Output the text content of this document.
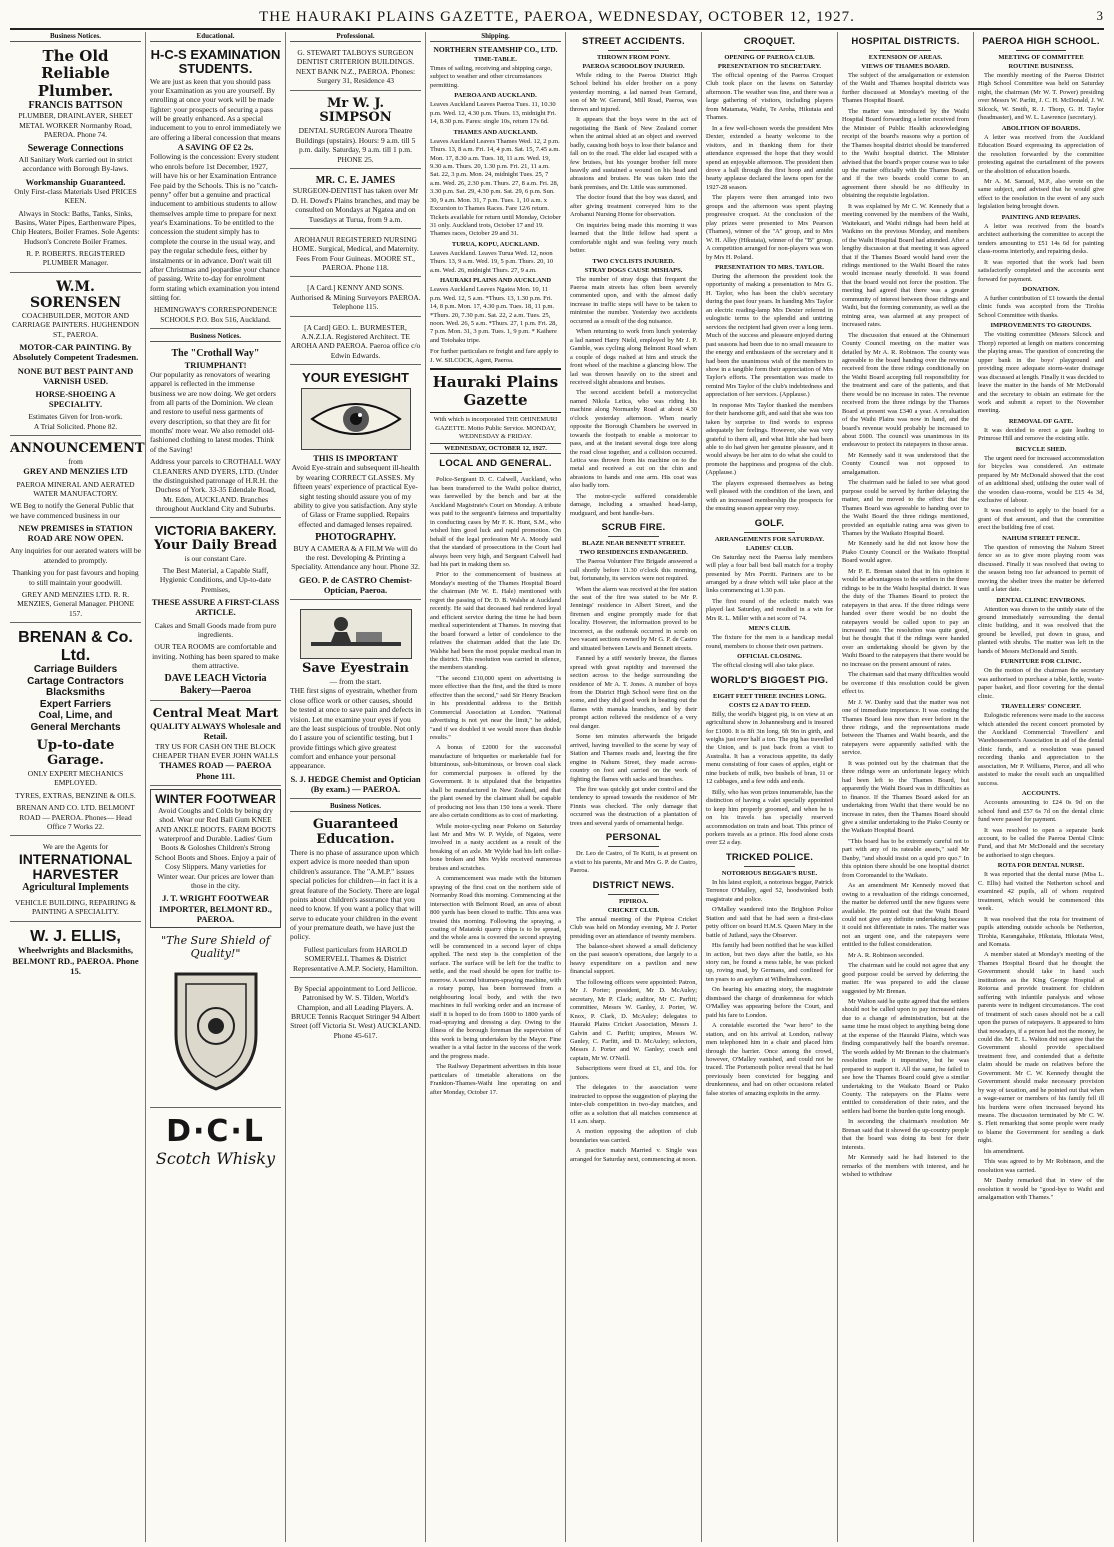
THE HAURAKI PLAINS GAZETTE, PAEROA, WEDNESDAY, OCTOBER 12, 1927.	3
Business Notices.
The Old Reliable Plumber.
FRANCIS BATTSON
PLUMBER, DRAINLAYER, SHEET METAL WORKER Normanby Road, PAEROA. Phone 74.
Sewerage Connections
All Sanitary Work carried out in strict accordance with Borough By-laws.
Workmanship Guaranteed.
Only First-class Materials Used PRICES KEEN.
Always in Stock: Baths, Tanks, Sinks, Basins, Water Pipes, Earthenware Pipes, Chip Heaters, Boiler Frames. Sole Agents: Hudson's Concrete Boiler Frames.
R. P. ROBERTS. REGISTERED PLUMBER Manager.
W.M. SORENSEN
COACHBUILDER, MOTOR AND CARRIAGE PAINTERS. HUGHENDON ST., PAEROA.
MOTOR-CAR PAINTING. By Absolutely Competent Tradesmen.
NONE BUT BEST PAINT AND VARNISH USED.
HORSE-SHOEING A SPECIALITY.
Estimates Given for Iron-work.
A Trial Solicited. Phone 82.
ANNOUNCEMENT
from
GREY AND MENZIES LTD
PAEROA MINERAL AND AERATED WATER MANUFACTORY.
WE Beg to notify the General Public that we have commenced business in our
NEW PREMISES in STATION ROAD ARE NOW OPEN.
Any inquiries for our aerated waters will be attended to promptly.
Thanking you for past favours and hoping to still maintain your goodwill.
GREY AND MENZIES LTD. R. R. MENZIES, General Manager. PHONE 157.
BRENAN & Co. Ltd.
Carriage Builders
Cartage Contractors
Blacksmiths
Expert Farriers
Coal, Lime, and
General Merchants
Up-to-date Garage.
ONLY EXPERT MECHANICS EMPLOYED.
TYRES, EXTRAS, BENZINE & OILS.
BRENAN AND CO. LTD. BELMONT ROAD — PAEROA. Phones— Head Office 7 Works 22.
We are the Agents for
INTERNATIONAL HARVESTER
Agricultural Implements
VEHICLE BUILDING, REPAIRING & PAINTING A SPECIALITY.
W. J. ELLIS,
Wheelwrights and Blacksmiths, BELMONT RD., PAEROA. Phone 15.
Educational.
H-C-S EXAMINATION STUDENTS.
We are just as keen that you should pass your Examination as you are yourself. By enrolling at once your work will be made lighter: your prospects of securing a pass will be greatly enhanced. As a special inducement to you to enrol immediately we are offering a liberal concession that means
A SAVING OF £2 2s.
Following is the concession: Every student who enrols before 1st December, 1927, will have his or her Examination Entrance Fee paid by the Schools. This is no "catch-penny" offer but a genuine and practical inducement to ambitious students to allow themselves ample time to prepare for next year's Examinations. To be entitled to the concession the student simply has to complete the course in the usual way, and pay the regular schedule fees, either by instalments or in advance. Don't wait till after Christmas and jeopardise your chance of passing. Write to-day for enrolment form stating which examination you intend sitting for.
HEMINGWAY'S CORRESPONDENCE SCHOOLS P.O. Box 516, Auckland.
Business Notices.
The "Crothall Way"
TRIUMPHANT!
Our popularity as renovators of wearing apparel is reflected in the immense business we are now doing. We get orders from all parts of the Dominion. We clean and restore to useful ness garments of every description, so that they are fit for months' more wear. We also remodel old-fashioned clothing to latest modes. Think of the Saving!
Address your parcels to CROTHALL WAY CLEANERS AND DYERS, LTD. (Under the distinguished patronage of H.R.H. the Duchess of York. 33-35 Edendale Road, Mt. Eden, AUCKLAND. Branches throughout Auckland City and Suburbs.
VICTORIA BAKERY.
Your Daily Bread
is our constant Care.
The Best Material, a Capable Staff, Hygienic Conditions, and Up-to-date Premises,
THESE ASSURE A FIRST-CLASS ARTICLE.
Cakes and Small Goods made from pure ingredients.
OUR TEA ROOMS are comfortable and inviting. Nothing has been spared to make them attractive.
DAVE LEACH Victoria Bakery—Paeroa
Central Meat Mart
QUALITY ALWAYS Wholesale and Retail.
TRY US FOR CASH ON THE BLOCK CHEAPER THAN EVER JOHN WALLS
THAMES ROAD — PAEROA Phone 111.
WINTER FOOTWEAR
Avoid Coughs and Colds by being dry shod. Wear our Red Ball Gum KNEE AND ANKLE BOOTS. FARM BOOTS waterproof and Durable. Ladies' Gum Boots & Goloshes Children's Strong School Boots and Shoes. Enjoy a pair of Cosy Slippers. Many varieties for Winter wear. Our prices are lower than those in the city.
J. T. WRIGHT FOOTWEAR IMPORTER, BELMONT RD., PAEROA.
"The Sure Shield of Quality!"
D·C·L
Scotch Whisky
Professional.
G. STEWART TALBOYS SURGEON DENTIST CRITERION BUILDINGS. NEXT BANK N.Z., PAEROA. Phones: Surgery 31, Residence 43
Mr W. J. SIMPSON
DENTAL SURGEON Aurora Theatre Buildings (upstairs). Hours: 9 a.m. till 5 p.m. daily. Saturday, 9 a.m. till 1 p.m. PHONE 25.
MR. C. E. JAMES
SURGEON-DENTIST has taken over Mr D. H. Dowd's Plains branches, and may be consulted on Mondays at Ngatea and on Tuesdays at Turua, from 9 a.m.
AROHANUI REGISTERED NURSING HOME. Surgical, Medical, and Maternity. Fees From Four Guineas. MOORE ST., PAEROA. Phone 118.
[A Card.] KENNY AND SONS. Authorised & Mining Surveyors PAEROA. Telephone 115.
[A Card] GEO. L. BURMESTER, A.N.Z.I.A. Registered Architect. TE AROHA AND PAEROA. Paeroa office c/o Edwin Edwards.
YOUR EYESIGHT
THIS IS IMPORTANT
Avoid Eye-strain and subsequent ill-health by wearing CORRECT GLASSES. My fifteen years' experience of practical Eye-sight testing should assure you of my ability to give you satisfaction. Any style of Glass or Frame supplied. Repairs effected and damaged lenses repaired.
PHOTOGRAPHY.
BUY A CAMERA & A FILM We will do the rest. Developing & Printing a Speciality. Attendance any hour. Phone 32.
GEO. P. de CASTRO Chemist-Optician, Paeroa.
Save Eyestrain
— from the start.
THE first signs of eyestrain, whether from close office work or other causes, should be tested at once to save pain and defects in vision. Let me examine your eyes if you are the least suspicious of trouble. Not only do I assure you of scientific testing, but I provide fittings which give greatest comfort and enhance your personal appearance.
S. J. HEDGE Chemist and Optician (By exam.) — PAEROA.
Business Notices.
Guaranteed Education.
There is no phase of assurance upon which expert advice is more needed than upon children's assurance. The "A.M.P." issues special policies for children—in fact it is a great feature of the Society. There are legal points about children's assurance that you need to know. If you want a policy that will serve to educate your children in the event of your premature death, we have just the policy.
Fullest particulars from HAROLD SOMERVELL Thames & District Representative A.M.P. Society, Hamilton.
By Special appointment to Lord Jellicoe. Patronised by W. S. Tilden, World's Champion, and all Leading Players. A. BRUCE Tennis Racquet Stringer 94 Albert Street (off Victoria St. West) AUCKLAND. Phone 45-617.
Shipping.
NORTHERN STEAMSHIP CO., LTD.
TIME-TABLE.
Times of sailing, receiving and shipping cargo, subject to weather and other circumstances permitting.
PAEROA AND AUCKLAND.
Leaves Auckland Leaves Paeroa Tues. 11, 10.30 p.m. Wed. 12, 4.30 p.m. Thurs. 13, midnight Fri. 14, 8.30 p.m. Fares: single 10s, return 17s 6d.
THAMES AND AUCKLAND.
Leaves Auckland Leaves Thames Wed. 12, 2 p.m. Thurs. 13, 8 a.m. Fri. 14, 4 p.m. Sat. 15, 7.45 a.m. Mon. 17, 8.30 a.m. Tues. 18, 11 a.m. Wed. 19, 9.30 a.m. Thurs. 20, 1.30 p.m. Fri. 21, 11 a.m. Sat. 22, 3 p.m. Mon. 24, midnight Tues. 25, 7 a.m. Wed. 26, 2.30 p.m. Thurs. 27, 8 a.m. Fri. 28, 3.30 p.m. Sat. 29, 4.30 p.m. Sat. 29, 6 p.m. Sun. 30, 9 a.m. Mon. 31, 7 p.m. Tues. 1, 10 a.m. x Excursion to Thames Races. Fare 12/6 return. Tickets available for return until Monday, October 31 only. Auckland trots, October 17 and 19. Thames races, October 29 and 31.
TURUA, KOPU, AUCKLAND.
Leaves Auckland. Leaves Turua Wed. 12, noon Thurs. 13, 9 a.m. Wed. 19, 5 p.m. Thurs. 20, 10 a.m. Wed. 26, midnight Thurs. 27, 9 a.m.
HAURAKI PLAINS AND AUCKLAND
Leaves Auckland Leaves Ngatea Mon. 10, 11 p.m. Wed. 12, 5 a.m. *Thurs. 13, 1.30 p.m. Fri. 14, 8 p.m. Mon. 17, 4.30 p.m. Tues. 18, 11 p.m. *Thurs. 20, 7.30 p.m. Sat. 22, 2 a.m. Tues. 25, noon. Wed. 26, 5 a.m. *Thurs. 27, 1 p.m. Fri. 28, 7 p.m. Mon. 31, 3 p.m. Tues. 1, 9 p.m. * Kaihere and Totohaku tripe.
For further particulars re freight and fare apply to J. W. SILCOCK, Agent, Paeroa.
Hauraki Plains Gazette
With which is incorporated THE OHINEMURI GAZETTE. Motto Public Service. MONDAY, WEDNESDAY & FRIDAY.
WEDNESDAY, OCTOBER 12, 1927.
LOCAL AND GENERAL.

Police-Sergeant D. C. Calwell, Auckland, who has been transferred to the Waihi police district, was farewelled by the bench and bar at the Auckland Magistrate's Court on Monday. A tribute was paid to the sergeant's fairness and impartiality in conducting cases by Mr F. K. Hunt, S.M., who wished him good luck and rapid promotion. On behalf of the legal profession Mr A. Moody said that the standard of prosecutions in the Court had always been very high, and Sergeant Calwell had had his part in making them so.

Prior to the commencement of business at Monday's meeting of the Thames Hospital Board the chairman (Mr W. E. Hale) mentioned with regret the passing of Dr. D. B. Walshe at Auckland recently. He said that deceased had rendered loyal and efficient service during the time he had been medical superintendent at Thames. In moving that the board forward a letter of condolence to the relatives the chairman added that the late Dr. Walshe had been the most popular medical man in the district. This resolution was carried in silence, the members standing.

"The second £10,000 spent on advertising is more effective than the first, and the third is more effective than the second," said Sir Henry Bracken in his presidential address to the British Commercial Association at London. "National advertising is not yet near the limit," he added, "and if we doubled it we would more than double results."

A bonus of £2000 for the successful manufacture of briquettes or marketable fuel for bituminous, sub-bituminous, or brown coal slack for commercial purposes is offered by the Government. It is stipulated that the briquettes shall be manufactured in New Zealand, and that the plant owned by the claimant shall be capable of producing not less than 150 tons a week. There are also certain conditions as to cost of marketing.

While motor-cycling near Pokeno on Saturday last Mr and Mrs W. P. Wylde, of Ngatea, were involved in a nasty accident as a result of the breaking of an axle. Mr Wylde had his left collar-bone broken and Mrs Wylde received numerous bruises and scratches.

A commencement was made with the bitumen spraying of the first coat on the northern side of Normanby Road this morning. Commencing at the intersection with Belmont Road, an area of about 800 yards has been closed to traffic. This area was treated this morning. Following the spraying, a coating of Matatoki quarry chips is to be spread, and the whole area is covered the second spraying will be commenced in a second layer of chips applied. The next step is the completion of the surface. The surface will be left for the traffic to settle, and the road should be open for traffic to-morrow. A second bitumen-spraying machine, with a rotary pump, has been borrowed from a neighbouring local body, and with the two machines in full working order and an increase of staff it is hoped to do from 1600 to 1800 yards of road-spraying and dressing a day. Owing to the illness of the borough foreman the supervision of this work is being undertaken by the Mayor. Fine weather is a vital factor in the success of the work and the progress made.

The Railway Department advertises in this issue particulars of timetable alterations on the Frankton-Thames-Waihi line operating on and after Monday, October 17.

STREET ACCIDENTS.
THROWN FROM PONY.
PAEROA SCHOOLBOY INJURED.

While riding to the Paeroa District High School behind his elder brother on a pony yesterday morning, a lad named Ivan Gerrand, son of Mr W. Gerrand, Mill Road, Paeroa, was thrown and injured.

It appears that the boys were in the act of negotiating the Bank of New Zealand corner when the animal shied at an object and swerved badly, causing both boys to lose their balance and fall on to the road. The elder lad escaped with a few bruises, but his younger brother fell more heavily and sustained a wound on his head and abrasions and bruises. He was taken into the bank premises, and Dr. Little was summoned.

The doctor found that the boy was dazed, and after giving treatment conveyed him to the Arohanui Nursing Home for observation.

On inquiries being made this morning it was learned that the little fellow had spent a comfortable night and was feeling very much better.

TWO CYCLISTS INJURED.
STRAY DOGS CAUSE MISHAPS.

The number of stray dogs that frequent the Paeroa main streets has often been severely commented upon, and with the almost daily increase in traffic steps will have to be taken to minimise the number. Yesterday two accidents occurred as a result of the dog nuisance.

When returning to work from lunch yesterday a lad named Harry Nield, employed by Mr J. P. Gamble, was cycling along Belmont Road when a couple of dogs rushed at him and struck the front wheel of the machine a glancing blow. The lad was thrown heavily on to the street and received slight abrasions and bruises.

The second accident befell a motorcyclist named Nikola Letica, who was riding his machine along Normanby Road at about 4.30 o'clock yesterday afternoon. When nearly opposite the Borough Chambers he swerved in towards the footpath to enable a motorcar to pass, and at the instant several dogs tore along the road close together, and a collision occurred. Letica was thrown from his machine on to the metal and received a cut on the chin and abrasions to hands and one arm. His coat was also badly torn.

The motor-cycle suffered considerable damage, including a smashed head-lamp, mudguard, and bent handle-bars.

SCRUB FIRE.
BLAZE NEAR BENNETT STREET.
TWO RESIDENCES ENDANGERED.

The Paeroa Volunteer Fire Brigade answered a call shortly before 11.30 o'clock this morning, but, fortunately, its services were not required.

When the alarm was received at the fire station the seat of the fire was stated to be Mr P. Jennings' residence in Albert Street, and the firemen and engine promptly made for that locality. However, the information proved to be incorrect, as the outbreak occurred in scrub on two vacant sections owned by Mr G. P. de Castro and situated between Lewis and Bennett streets.

Fanned by a stiff westerly breeze, the flames spread with great rapidity and traversed the section across to the hedge surrounding the residence of Mr A. T. Jones. A number of boys from the District High School were first on the scene, and they did good work in beating out the flames with manuka branches, and by their prompt action relieved the residence of a very real danger.

Some ten minutes afterwards the brigade arrived, having travelled to the scene by way of Station and Thames roads and, leaving the fire engine in Nahum Street, they made across-country on foot and carried on the work of fighting the flames with sacks and branches.

The fire was quickly got under control and the tendency to spread towards the residence of Mr Finnis was checked. The only damage that occurred was the destruction of a plantation of trees and several yards of ornamental hedge.

PERSONAL

Dr. Leo de Castro, of Te Kuiti, is at present on a visit to his parents, Mr and Mrs G. P. de Castro, Paeroa.

DISTRICT NEWS.
PIPIROA.
CRICKET CLUB.

The annual meeting of the Pipiroa Cricket Club was held on Monday evening, Mr J. Porter presiding over an attendance of twenty members.

The balance-sheet showed a small deficiency on the past season's operations, due largely to a heavy expenditure on a pavilion and new financial support.

The following officers were appointed: Patron, Mr J. Porter; president, Mr D. McAuley; secretary, Mr P. Clark; auditor, Mr C. Parfitt; committee, Messrs W. Ganley, J. Porter, W. Knox, P. Clark, D. McAuley; delegates to Hauraki Plains Cricket Association, Messrs J. Galvin and C. Parfitt; umpires, Messrs W. Ganley, C. Parfitt, and D. McAuley; selectors, Messrs J. Porter and W. Ganley; coach and captain, Mr W. O'Neill.

Subscriptions were fixed at £1, and 10s. for juniors.

The delegates to the association were instructed to oppose the suggestion of playing the inter-club competition in two-day matches, and offer as a solution that all matches commence at 11 a.m. sharp.

A motion opposing the adoption of club boundaries was carried.

A practice match Married v. Single was arranged for Saturday next, commencing at noon.

CROQUET.
OPENING OF PAEROA CLUB.
PRESENTATION TO SECRETARY.

The official opening of the Paeroa Croquet Club took place on the lawns on Saturday afternoon. The weather was fine, and there was a large gathering of visitors, including players from Matamata, Waihi, Te Aroha, Hikutaia and Thames.

In a few well-chosen words the president Mrs Dexter, extended a hearty welcome to the visitors, and in thanking them for their attendance expressed the hope that they would spend an enjoyable afternoon. The president then drove a ball through the first hoop and amidst hearty applause declared the lawns open for the 1927-28 season.

The players were then arranged into two groups and the afternoon was spent playing progressive croquet. At the conclusion of the play prizes were presented to Mrs Pearson (Thames), winner of the "A" group, and to Mrs W. H. Alley (Hikutaia), winner of the "B" group. A competition arranged for non-players was won by Mrs H. Poland.

PRESENTATION TO MRS. TAYLOR.

During the afternoon the president took the opportunity of making a presentation to Mrs G. H. Taylor, who has been the club's secretary during the past four years. In handing Mrs Taylor an electric reading-lamp Mrs Dexter referred in eulogistic terms to the splendid and untiring services the recipient had given over a long term. Much of the success and pleasure enjoyed during past seasons had been due to no small measure to the energy and enthusiasm of the secretary and it had been the unanimous wish of the members to show in a tangible form their appreciation of Mrs Taylor's efforts. The presentation was made to remind Mrs Taylor of the club's indebtedness and appreciation of her services. (Applause.)

In response Mrs Taylor thanked the members for their handsome gift, and said that she was too taken by surprise to find words to express adequately her feelings. However, she was very grateful to them all, and what little she had been able to do had given her genuine pleasure, and it would always be her aim to do what she could to promote the happiness and progress of the club. (Applause.)

The players expressed themselves as being well pleased with the condition of the lawn, and with an increased membership the prospects for the ensuing season appear very rosy.

GOLF.
ARRANGEMENTS FOR SATURDAY.
LADIES' CLUB.

On Saturday next the Paeroa lady members will play a four ball best ball match for a trophy presented by Mrs Porritt. Partners are to be arranged by a draw which will take place at the links commencing at 1.30 p.m.

The first round of the eclectic match was played last Saturday, and resulted in a win for Mrs R. L. Miller with a net score of 74.

MEN'S CLUB.

The fixture for the men is a handicap medal round, members to choose their own partners.

OFFICIAL CLOSING.

The official closing will also take place.

WORLD'S BIGGEST PIG.
EIGHT FEET THREE INCHES LONG.
COSTS £2 A DAY TO FEED.

Billy, the world's biggest pig, is on view at an agricultural show in Johannesburg and is insured for £1000. It is 8ft 3in long, 6ft 9in in girth, and weighs just over half a ton. The pig has travelled the Union, and is just back from a visit to Australia. It has a voracious appetite, its daily menu consisting of four cases of apples, eight or nine buckets of milk, two bushels of bran, 11 or 12 cabbages, and a few odds and ends.

Billy, who has won prizes innumerable, has the distinction of having a valet specially appointed to keep him properly groomed, and when he is on his travels has specially reserved accommodation on train and boat. This prince of porkers travels as a prince. His food alone costs over £2 a day.

TRICKED POLICE.
NOTORIOUS BEGGAR'S RUSE.

In his latest exploit, a notorious beggar, Patrick Terrence O'Malley, aged 52, hoodwinked both magistrate and police.

O'Malley wandered into the Brighton Police Station and said that he had seen a first-class petty officer on board H.M.S. Queen Mary in the battle of Jutland, says the Observer.

His family had been notified that he was killed in action, but two days after the battle, so his story ran, he found a mess table, he was picked up, roving mad, by Germans, and confined for ten years to an asylum at Wilhelmshaven.

On hearing his amazing story, the magistrate dismissed the charge of drunkenness for which O'Malley was appearing before the Court, and paid his fare to London.

A constable escorted the "war hero" to the station, and on his arrival at London, railway men telephoned him in a chair and placed him through the barrier. Once among the crowd, however, O'Malley vanished, and could not be traced. The Portsmouth police reveal that he had previously been convicted for begging and drunkenness, and had on other occasions related false stories of amazing exploits in the army.

HOSPITAL DISTRICTS.
EXTENSION OF AREAS.
VIEWS OF THAMES BOARD.

The subject of the amalgamation or extension of the Waihi and Thames hospital districts was further discussed at Monday's meeting of the Thames Hospital Board.

The matter was introduced by the Waihi Hospital Board forwarding a letter received from the Minister of Public Health acknowledging receipt of the board's reasons why a portion of the Thames hospital district should be transferred to the Waihi hospital district. The Minister advised that the board's proper course was to take up the matter officially with the Thames Board, and if the two boards could come to an agreement there should be no difficulty in obtaining the requisite legislation.

It was explained by Mr C. W. Kennedy that a meeting convened by the members of the Waihi, Waitekauri, and Waihi ridings had been held at Waikino on the previous Monday, and members of the Waihi Hospital Board had attended. After a lengthy discussion at that meeting it was agreed that if the Thames Board would hand over the ridings mentioned to the Waihi Board the rates would increase nearly threefold. It was found that the board would not force the position. The meeting had agreed that there was a greater community of interest between those ridings and Waihi, but the forming community, as well as the mining area, was alarmed at any prospect of increased rates.

The discussion that ensued at the Ohinemuri County Council meeting on the matter was detailed by Mr A. R. Robinson. The county was agreeable to the board handing over the revenue received from the three ridings conditionally on the Waihi Board accepting full responsibility for the treatment and care of the patients, and that there would be no increase in rates. The revenue received from the three ridings by the Thames Board at present was £340 a year. A revaluation of the Waihi Plains was now in hand, and the board's revenue would probably be increased to about £600. The council was unanimous in its endeavour to protect its ratepayers in those areas.

Mr Kennedy said it was understood that the County Council was not opposed to amalgamation.

The chairman said he failed to see what good purpose could be served by further delaying the matter, and he moved to the effect that the Thames Board was agreeable to handing over to the Waihi Board the three ridings mentioned, provided an equitable rating area was given to Thames by the Waikato Hospital Board.

Mr Kennedy said he did not know how the Piako County Council or the Waikato Hospital Board would agree.

Mr P. E. Brenan stated that in his opinion it would be advantageous to the settlers in the three ridings to be in the Waihi hospital district. It was the duty of the Thames Board to protect the ratepayers in that area. If the three ridings were handed over there would be no doubt the ratepayers would be called upon to pay an increased rate. The resolution was quite good, but he thought that if the ridings were handed over an undertaking should be given by the Waihi Board to the ratepayers that there would be no increase on the present amount of rates.

The chairman said that many difficulties would be overcome if this resolution could be given effect to.

Mr J. W. Danby said that the matter was not one of immediate importance. It was costing the Thames Board less now than ever before in the three ridings, and the representations made between the Thames and Waihi boards, and the ratepayers were apparently satisfied with the service.

It was pointed out by the chairman that the three ridings were an unfortunate legacy which had been left to the Thames Board, but apparently the Waihi Board was in difficulties as to finance. If the Thames Board asked for an undertaking from Waihi that there would be no increase in rates, then the Thames Board should give a similar undertaking to the Piako County or the Waikato Hospital Board.

"This board has to be extremely careful not to part with any of its rateable assets," said Mr Danby, "and should insist on a quid pro quo." In this opinion there should be one hospital district from Coromandel to the Waikato.

As an amendment Mr Kennedy moved that owing to a revaluation of the ridings concerned, the matter be deferred until the new figures were available. He pointed out that the Waihi Board could not give any definite undertaking because it could not differentiate in rates. The matter was not an urgent one, and the ratepayers were entitled to the fullest consideration.

Mr A. R. Robinson seconded.

The chairman said he could not agree that any good purpose could be served by deferring the matter. He was prepared to add the clause suggested by Mr Brenan.

Mr Walton said he quite agreed that the settlers should not be called upon to pay increased rates due to a change of administration, but at the same time he must object to anything being done at the expense of the Hauraki Plains, which was finding comparatively half the board's revenue. The words added by Mr Brenan to the chairman's resolution made it imperative, but he was prepared to support it. All the same, he failed to see how the Thames Board could give a similar undertaking to the Waikato Board or Piako County. The ratepayers on the Plains were entitled to consideration of their rates, and the settlers had borne the burden quite long enough.

In seconding the chairman's resolution Mr Brenan said that it showed the up-country people that the board was doing its best for their interests.

Mr Kennedy said he had listened to the remarks of the members with interest, and he wished to withdraw

PAEROA HIGH SCHOOL.
MEETING OF COMMITTEE
ROUTINE BUSINESS.

The monthly meeting of the Paeroa District High School Committee was held on Saturday night, the chairman (Mr W. T. Power) presiding over Messrs W. Parfitt, J. C. H. McDonald, J. W. Silcock, W. Smith, R. J. Thorp, G. H. Taylor (headmaster), and W. L. Lawrence (secretary).

ABOLITION OF BOARDS.

A letter was received from the Auckland Education Board expressing its appreciation of the resolution forwarded by the committee protesting against the curtailment of the powers or the abolition of education boards.

Mr A. M. Samuel, M.P., also wrote on the same subject, and advised that he would give effect to the resolution in the event of any such legislation being brought down.

PAINTING AND REPAIRS.

A letter was received from the board's architect authorising the committee to accept the tenders amounting to £51 14s 6d for painting class-rooms interiorly, and repairing desks.

It was reported that the work had been satisfactorily completed and the accounts sent forward for payment.

DONATION.

A further contribution of £1 towards the dental clinic funds was accepted from the Tirohia School Committee with thanks.

IMPROVEMENTS TO GROUNDS.

The visiting committee (Messrs Silcock and Thorp) reported at length on matters concerning the playing areas. The question of concreting the upper bank in the boys' playground and providing more adequate storm-water drainage was discussed at length. Finally it was decided to leave the matter in the hands of Mr McDonald and the secretary to obtain an estimate for the work and submit a report to the November meeting.

REMOVAL OF GATE.

It was decided to erect a gate leading to Primrose Hill and remove the existing stile.

BICYCLE SHED.

The urgent need for increased accommodation for bicycles was considered. An estimate prepared by Mr McDonald showed that the cost of an additional shed, utilising the outer wall of the wooden class-rooms, would be £15 4s 3d, exclusive of labour.

It was resolved to apply to the board for a grant of that amount, and that the committee erect the building free of cost.

NAHUM STREET FENCE.

The question of removing the Nahum Street fence so as to give more playing room was discussed. Finally it was resolved that owing to the season being too far advanced to permit of moving the shelter trees the matter be deferred until a later date.

DENTAL CLINIC ENVIRONS.

Attention was drawn to the untidy state of the ground immediately surrounding the dental clinic building, and it was resolved that the ground be levelled, put down in grass, and planted with shrubs. The matter was left in the hands of Messrs McDonald and Smith.

FURNITURE FOR CLINIC.

On the motion of the chairman the secretary was authorised to purchase a table, kettle, waste-paper basket, and floor covering for the dental clinic.

TRAVELLERS' CONCERT.

Eulogistic references were made to the success which attended the recent concert promoted by the Auckland Commercial Travellers' and Warehousemen's Association in aid of the dental clinic funds, and a resolution was passed recording thanks and appreciation to the association, Mr P. Williams, Pierce, and all who assisted to make the result such an unqualified success.

ACCOUNTS.

Accounts amounting to £24 0s 9d on the school fund and £57 6s 7d on the dental clinic fund were passed for payment.

It was resolved to open a separate bank account, to be called the Paeroa Dental Clinic Fund, and that Mr McDonald and the secretary be authorised to sign cheques.

ROTA FOR DENTAL NURSE.

It was reported that the dental nurse (Miss L. C. Ellis) had visited the Netherton school and examined 42 pupils, all of whom required treatment, which would be commenced this week.

It was resolved that the rota for treatment of pupils attending outside schools be Netherton, Tirohia, Karangahake, Hikutaia, Hikutaia West, and Komata.

A member stated at Monday's meeting of the Thames Hospital Board that he thought the Government should take in hand such institutions as the King George Hospital at Rotorua and provide treatment for children suffering with infantile paralysis and whose parents were in indigent circumstances. The cost of treatment of such cases should not be a call upon the purses of ratepayers. It appeared to him that nowadays, if a person had not the money, he could die. Mr E. L. Walton did not agree that the Government should provide specialised treatment free, and contended that a definite claim should be made on relatives before the Government. Mr C. W. Kennedy thought the Government should make necessary provision by way of taxation, and he pointed out that when a wage-earner or members of his family fell ill his burdens were often increased beyond his means. The discussion terminated by Mr C. W. S. Flett remarking that some people were ready to blame the Government for sending a dark night.

his amendment.

This was agreed to by Mr Robinson, and the resolution was carried.

Mr Danby remarked that in view of the resolution it would be "good-bye to Waihi and amalgamation with Thames."
